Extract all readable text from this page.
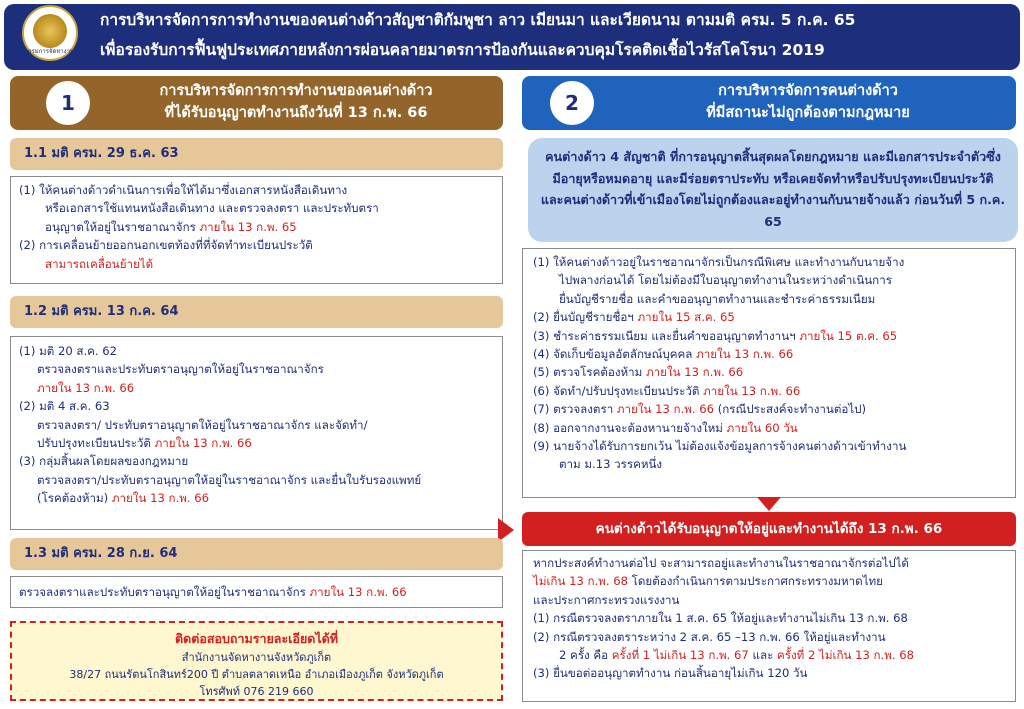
กรมการจัดหางาน
การบริหารจัดการการทำงานของคนต่างด้าวสัญชาติกัมพูชา ลาว เมียนมา และเวียดนาม ตามมติ ครม. 5 ก.ค. 65
เพื่อรองรับการฟื้นฟูประเทศภายหลังการผ่อนคลายมาตรการป้องกันและควบคุมโรคติดเชื้อไวรัสโคโรนา 2019
1	การบริหารจัดการการทำงานของคนต่างด้าว
ที่ได้รับอนุญาตทำงานถึงวันที่ 13 ก.พ. 66	2	การบริหารจัดการคนต่างด้าว
ที่มีสถานะไม่ถูกต้องตามกฎหมาย
1.1 มติ ครม. 29 ธ.ค. 63
(1) ให้คนต่างด้าวดำเนินการเพื่อให้ได้มาซึ่งเอกสารหนังสือเดินทาง
หรือเอกสารใช้แทนหนังสือเดินทาง และตรวจลงตรา และประทับตรา
อนุญาตให้อยู่ในราชอาณาจักร ภายใน 13 ก.พ. 65
(2) การเคลื่อนย้ายออกนอกเขตท้องที่ที่จัดทำทะเบียนประวัติ
สามารถเคลื่อนย้ายได้
1.2 มติ ครม. 13 ก.ค. 64
(1) มติ 20 ส.ค. 62
ตรวจลงตราและประทับตราอนุญาตให้อยู่ในราชอาณาจักร
ภายใน 13 ก.พ. 66
(2) มติ 4 ส.ค. 63
ตรวจลงตรา/ ประทับตราอนุญาตให้อยู่ในราชอาณาจักร และจัดทำ/
ปรับปรุงทะเบียนประวัติ ภายใน 13 ก.พ. 66
(3) กลุ่มสิ้นผลโดยผลของกฎหมาย
ตรวจลงตรา/ประทับตราอนุญาตให้อยู่ในราชอาณาจักร และยื่นใบรับรองแพทย์
(โรคต้องห้าม) ภายใน 13 ก.พ. 66
1.3 มติ ครม. 28 ก.ย. 64
ตรวจลงตราและประทับตราอนุญาตให้อยู่ในราชอาณาจักร ภายใน 13 ก.พ. 66
ติดต่อสอบถามรายละเอียดได้ที่
สำนักงานจัดหางานจังหวัดภูเก็ต
38/27 ถนนรัตนโกสินทร์200 ปี ตำบลตลาดเหนือ อำเภอเมืองภูเก็ต จังหวัดภูเก็ต
โทรศัพท์ 076 219 660
คนต่างด้าว 4 สัญชาติ ที่การอนุญาตสิ้นสุดผลโดยกฎหมาย และมีเอกสารประจำตัวซึ่งมีอายุหรือหมดอายุ และมีร่อยตราประทับ หรือเคยจัดทำหรือปรับปรุงทะเบียนประวัติ และคนต่างด้าวที่เข้าเมืองโดยไม่ถูกต้องและอยู่ทำงานกับนายจ้างแล้ว ก่อนวันที่ 5 ก.ค. 65
(1) ให้คนต่างด้าวอยู่ในราชอาณาจักรเป็นกรณีพิเศษ และทำงานกับนายจ้าง
ไปพลางก่อนได้ โดยไม่ต้องมีใบอนุญาตทำงานในระหว่างดำเนินการ
ยื่นบัญชีรายชื่อ และคำขออนุญาตทำงานและชำระค่าธรรมเนียม
(2) ยื่นบัญชีรายชื่อฯ ภายใน 15 ส.ค. 65
(3) ชำระค่าธรรมเนียม และยื่นคำขออนุญาตทำงานฯ ภายใน 15 ต.ค. 65
(4) จัดเก็บข้อมูลอัตลักษณ์บุคคล ภายใน 13 ก.พ. 66
(5) ตรวจโรคต้องห้าม ภายใน 13 ก.พ. 66
(6) จัดทำ/ปรับปรุงทะเบียนประวัติ ภายใน 13 ก.พ. 66
(7) ตรวจลงตรา ภายใน 13 ก.พ. 66 (กรณีประสงค์จะทำงานต่อไป)
(8) ออกจากงานจะต้องหานายจ้างใหม่ ภายใน 60 วัน
(9) นายจ้างได้รับการยกเว้น ไม่ต้องแจ้งข้อมูลการจ้างคนต่างด้าวเข้าทำงาน
ตาม ม.13 วรรคหนึ่ง
คนต่างด้าวได้รับอนุญาตให้อยู่และทำงานได้ถึง 13 ก.พ. 66
หากประสงค์ทำงานต่อไป จะสามารถอยู่และทำงานในราชอาณาจักรต่อไปได้
ไม่เกิน 13 ก.พ. 68 โดยต้องกำเนินการตามประกาศกระทรางมหาดไทย
และประกาศกระทรวงแรงงาน
(1) กรณีตรวจลงตราภายใน 1 ส.ค. 65 ให้อยู่และทำงานไม่เกิน 13 ก.พ. 68
(2) กรณีตรวจลงตราระหว่าง 2 ส.ค. 65 –13 ก.พ. 66 ให้อยู่และทำงาน
2 ครั้ง คือ ครั้งที่ 1 ไม่เกิน 13 ก.พ. 67 และ ครั้งที่ 2 ไม่เกิน 13 ก.พ. 68
(3) ยื่นขอต่ออนุญาตทำงาน ก่อนสิ้นอายุไม่เกิน 120 วัน
